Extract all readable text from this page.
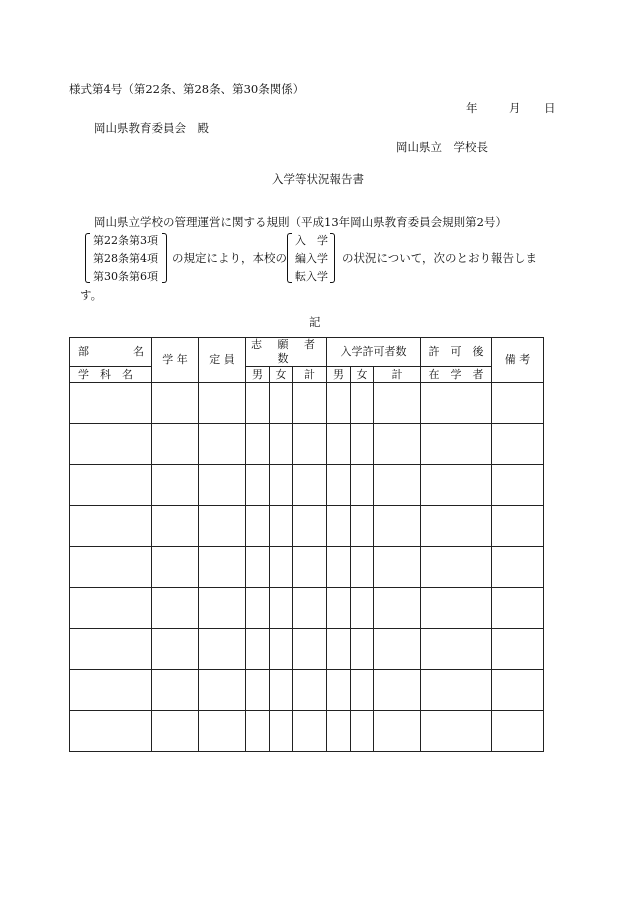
様式第4号（第22条、第28条、第30条関係）
年	月 日
岡山県教育委員会　殿
岡山県立　学校長
入学等状況報告書
岡山県立学校の管理運営に関する規則（平成13年岡山県教育委員会規則第2号）
第22条第3項
第28条第4項
第30条第6項
の規定により，本校の
入　学
編入学
転入学
の状況について，次のとおり報告しま
す。
記
部　　　　名	学 年	定 員	志 願 者 数			入学許可者数			許　可　後	備 考
学　科　名			男	女	計	男	女	計	在　学　者	
